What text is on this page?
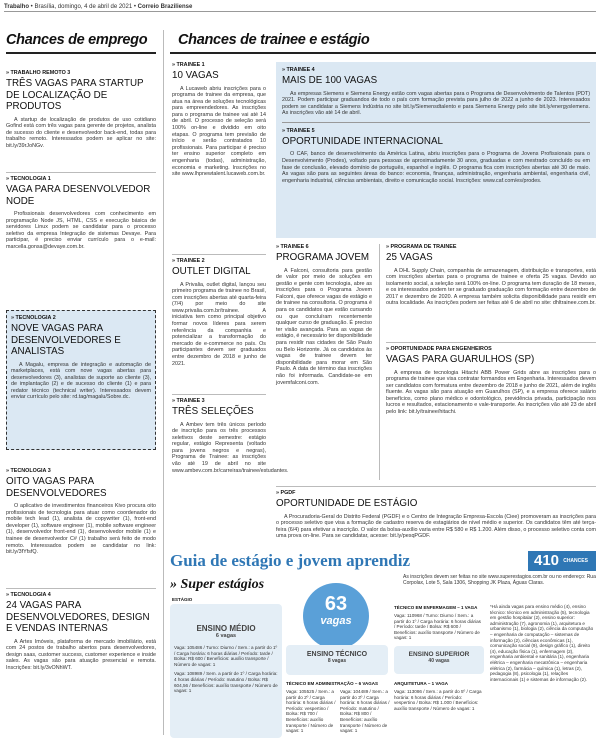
Trabalho • Brasília, domingo, 4 de abril de 2021 • Correio Braziliense
Chances de emprego
» TRABALHO REMOTO 3
TRÊS VAGAS PARA STARTUP DE LOCALIZAÇÃO DE PRODUTOS
A startup de localização de produtos de uso cotidiano Gofind está com três vagas para gerente de projetos, analista de sucesso do cliente e desenvolvedor back-end, todas para trabalho remoto. Interessados podem se aplicar no site: bit.ly/39rJoNGv.
» TECNOLOGIA 1
VAGA PARA DESENVOLVEDOR NODE
Profissionais desenvolvedores com conhecimento em programação Node JS, HTML, CSS e execução básica de servidores Linux podem se candidatar para o processo seletivo da empresa Integração de sistemas Devaye. Para participar, é preciso enviar currículo para o e-mail: marcella.gonsa@devaye.com.br.
» TECNOLOGIA 2
NOVE VAGAS PARA DESENVOLVEDORES E ANALISTAS
A Magalu, empresa de integração e automação de marketplaces, está com nove vagas abertas para desenvolvedores (3), analistas de suporte ao cliente (3), de implantação (2) e de sucesso do cliente (1) e para redator técnico (technical writer). Interessados devem enviar currículo pelo site: rd.tag/magalu/Sobre.dc.
» TECNOLOGIA 3
OITO VAGAS PARA DESENVOLVEDORES
O aplicativo de investimentos financeiros Kivo procura oito profissionais de tecnologia para atuar como coordenador do mobile tech lead (1), analista de copywriter (1), front-end developer (1), software engineer (1), mobile software engineer (1), desenvolvedor front-end (1), desenvolvedor mobile (1) e trainee de desenvolvedor C# (1) trabalho será feito de modo remoto. Interessados podem se candidatar no link: bit.ly/3fYfsfQ.
» TECNOLOGIA 4
24 VAGAS PARA DESENVOLVEDORES, DESIGN E VENDAS INTERNAS
A Artes Imóveis, plataforma de mercado imobiliário, está com 24 postos de trabalho abertos para desenvolvedores, design saas, customer success, customer experience e inside sales. As vagas são para atuação presencial e remota. Inscrições: bit.ly/3vONhWT.
Chances de trainee e estágio
» TRAINEE 1
10 VAGAS
A Lucaweb abriu inscrições para o programa de trainee da empresa, que atua na área de soluções tecnológicas para empreendedores. As inscrições para o programa de trainee vai até 14 de abril. O processo de seleção será 100% on-line e dividido em oito etapas. O programa tem previsão de início e serão contratados 10 profissionais. Para participar é preciso ter ensino superior completo em engenharia (todas), administração, economia e marketing. Inscrições no site www.lhpnewtalent.lucaweb.com.br.
» TRAINEE 2
OUTLET DIGITAL
A Privalia, outlet digital, lançou seu primeiro programa de trainee no Brasil, com inscrições abertas até quarta-feira (7/4) por meio do site www.privalia.com.br/trainee. A iniciativa tem como principal objetivo formar novos líderes para serem referência da companhia e potencializar a transformação do mercado de e-commerce no país. Os participantes devem ser graduados entre dezembro de 2018 e junho de 2021.
» TRAINEE 3
TRÊS SELEÇÕES
A Ambev tem três únicos período de inscrição para os três processos seletivos deste semestre: estágio regular, estágio Representa (voltado para jovens negros e negras), Programa de Trainee: as inscrições vão até 19 de abril no site www.ambev.com.br/carreiras/trainee/estudantes.
» TRAINEE 4
MAIS DE 100 VAGAS
As empresas Siemens e Siemens Energy estão com vagas abertas para o Programa de Desenvolvimento de Talentos (PDT) 2021. Podem participar graduandos de todo o país com formação prevista para julho de 2022 a junho de 2023. Interessados podem se candidatar a Siemens Indústria no site bit.ly/Siemensdtalento e para Siemens Energy pelo site bit.ly/energyslemens. As inscrições vão até 14 de abril.
» TRAINEE 5
OPORTUNIDADE INTERNACIONAL
O CAF, banco de desenvolvimento da América Latina, abriu inscrições para o Programa de Jovens Profissionais para o Desenvolvimento (Prodes), voltado para pessoas de aproximadamente 30 anos, graduadas e com mestrado concluído ou em fase de conclusão, elevado domínio de português, espanhol e inglês. O programa fica com inscrições abertas até 30 de maio. As vagas são para as seguintes áreas do banco: economia, finanças, administração, engenharia ambiental, engenharia civil, engenharia industrial, ciências ambientais, direito e comunicação social. Inscrições: www.caf.com/es/prodes.
» TRAINEE 6
PROGRAMA JOVEM
A Falconi, consultoria para gestão de valor por meio de soluções em gestão e gente com tecnologia, abre as inscrições para o Programa Jovem Falconi, que oferece vagas de estágio e de trainee na consultoria. O programa é para os candidatos que estão cursando ou que concluíram recentemente qualquer curso de graduação. É preciso ter visão avançada. Para as vagas de estágio, é necessário ter disponibilidade para residir nas cidades de São Paulo ou Belo Horizonte. Já os candidatos às vagas de trainee devem ter disponibilidade para morar em São Paulo. A data de término das inscrições não foi informada. Candidate-se em jovemfalconi.com.
» PROGRAMA DE TRAINEE
25 VAGAS
A DHL Supply Chain, companhia de armazenagem, distribuição e transportes, está com inscrições abertas para o programa de trainee e oferta 25 vagas. Devido ao isolamento social, a seleção será 100% on-line. O programa tem duração de 18 meses, e os interessados podem ter se graduado graduação com formação entre dezembro de 2017 e dezembro de 2020. A empresa também solicita disponibilidade para residir em outra localidade. As inscrições podem ser feitas até 6 de abril no site: dhltrainee.com.br.
» OPORTUNIDADE PARA ENGENHEIROS
VAGAS PARA GUARULHOS (SP)
A empresa de tecnologia Hitachi ABB Power Grids abre as inscrições para o programa de trainee que visa contratar formandos em Engenharia. Interessados devem ser candidatos com formatura entre dezembro de 2018 e junho de 2021, além de inglês fluente. As vagas são para atuação em Guarulhos (SP), e a empresa oferece salário benefícios, como plano médico e odontológico, previdência privada, participação nos lucros e resultados, estacionamento e vale-transporte. As inscrições vão até 23 de abril pelo link: bit.ly/trainee/hitachi.
» PGDF
OPORTUNIDADE DE ESTÁGIO
A Procuradoria-Geral do Distrito Federal (PGDF) e o Centro de Integração Empresa-Escola (Ciee) promoveram as inscrições para o processo seletivo que visa a formação de cadastro reserva de estagiários de nível médio e superior. Os candidatos têm até terça-feira (6/4) para efetivar a inscrição. O valor da bolsa-auxílio varia entre R$ 580 e R$ 1.200. Além disso, o processo seletivo conta com uma prova on-line. Para se candidatar, acesse: bit.ly/pesqPGDF.
Guia de estágio e jovem aprendiz	410 CHANCES
» Super estágios	As inscrições devem ser feitas no site www.superestagios.com.br ou no endereço: Rua Corpolax, Lote 5, Sala 1306, Shopping JK Plaza, Águas Claras.
ESTÁGIO
ENSINO MÉDIO
6 vagas
Vaga: 105486 / Turno: Diurno / Sem.: a partir do 1º / Carga horária: 6 horas diárias / Período: tarde / Bolsa: R$ 600 / Benefícios: auxílio transporte / Número de vagas: 1
Vaga: 108989 / Sem. a partir de 1º / Carga horária: 4 horas diárias / Período: matutino / Bolsa: R$ 604,56 / Benefícios: auxílio transporte / Número de vagas: 1
63
vagas
ENSINO TÉCNICO
8 vagas
TÉCNICO EM ADMINISTRAÇÃO – 6 VAGAS
Vaga: 105525 / Sem.: a partir do 2º / Carga horária: 6 horas diárias / Período: vespertino / Bolsa: R$ 700 / Benefícios: auxílio transporte / Número de vagas: 1
Vaga: 104489 / Sem.: a partir do 3º / Carga horária: 6 horas diárias / Período: matutino / Bolsa: R$ 800 / Benefícios: auxílio transporte / Número de vagas: 1
TÉCNICO EM ENFERMAGEM – 1 VAGA
Vaga: 110968 / Turno: Diurno / Sem.: a partir do 1º / Carga horária: 6 horas diárias / Período: tarde / Bolsa: R$ 600 / Benefícios: auxílio transporte / Número de vagas: 1
ENSINO SUPERIOR
40 vagas
ARQUITETURA – 1 VAGA
Vaga: 113086 / Sem.: a partir do 5º / Carga horária: 6 horas diárias / Período: vespertino / Bolsa: R$ 1.000 / Benefícios: auxílio transporte / Número de vagas: 1
*Há ainda vagas para ensino médio (4), ensino técnico: técnico em administração (5), tecnologia em gestão hospitalar (2), ensino superior: administração (7), agronomia (1), arquitetura e urbanismo (1), biologia (2), ciência da computação – engenharia de computação – sistemas de informação (2), ciências econômicas (1), comunicação social (9), design gráfico (1), direito (4), educação física (1), enfermagem (2), engenharia ambiental e sanitária (1), engenharia elétrica – engenharia mecatrônica – engenharia elétrica (2), farmácia – química (1), letras (2), pedagogia (8), psicologia (1), relações internacionais (1) e sistemas de informação (2).
